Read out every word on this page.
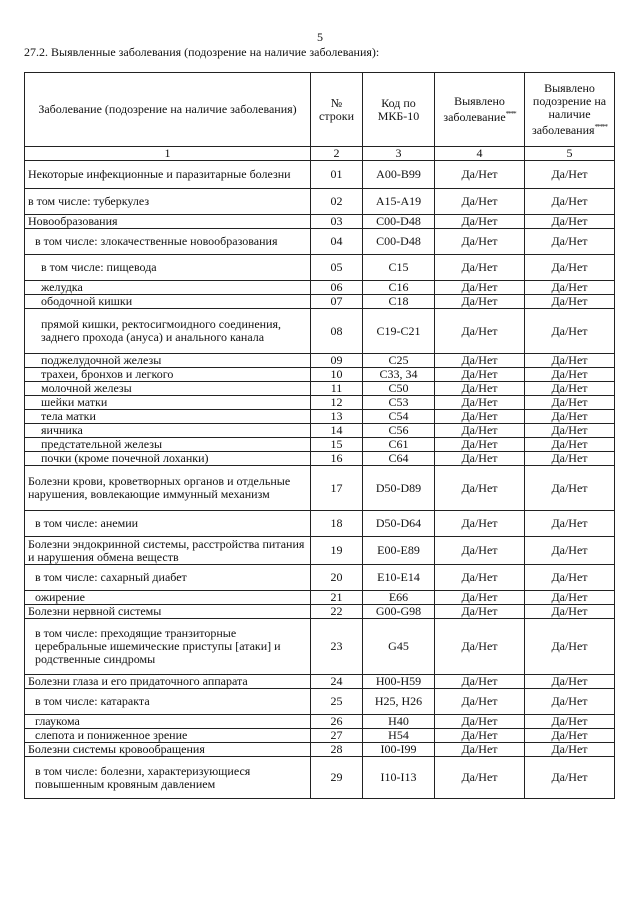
5
27.2. Выявленные заболевания (подозрение на наличие заболевания):
Заболевание (подозрение на наличие заболевания)	№ строки	Код по МКБ-10	Выявлено заболевание****	Выявлено подозрение на наличие заболевания*****
1	2	3	4	5
Некоторые инфекционные и паразитарные болезни	01	A00-B99	Да/Нет	Да/Нет
в том числе: туберкулез	02	A15-A19	Да/Нет	Да/Нет
Новообразования	03	C00-D48	Да/Нет	Да/Нет
в том числе: злокачественные новообразования	04	C00-D48	Да/Нет	Да/Нет
в том числе: пищевода	05	C15	Да/Нет	Да/Нет
желудка	06	C16	Да/Нет	Да/Нет
ободочной кишки	07	C18	Да/Нет	Да/Нет
прямой кишки, ректосигмоидного соединения, заднего прохода (ануса) и анального канала	08	C19-C21	Да/Нет	Да/Нет
поджелудочной железы	09	C25	Да/Нет	Да/Нет
трахеи, бронхов и легкого	10	C33, 34	Да/Нет	Да/Нет
молочной железы	11	C50	Да/Нет	Да/Нет
шейки матки	12	C53	Да/Нет	Да/Нет
тела матки	13	C54	Да/Нет	Да/Нет
яичника	14	C56	Да/Нет	Да/Нет
предстательной железы	15	C61	Да/Нет	Да/Нет
почки (кроме почечной лоханки)	16	C64	Да/Нет	Да/Нет
Болезни крови, кроветворных органов и отдельные нарушения, вовлекающие иммунный механизм	17	D50-D89	Да/Нет	Да/Нет
в том числе: анемии	18	D50-D64	Да/Нет	Да/Нет
Болезни эндокринной системы, расстройства питания и нарушения обмена веществ	19	E00-E89	Да/Нет	Да/Нет
в том числе: сахарный диабет	20	E10-E14	Да/Нет	Да/Нет
ожирение	21	E66	Да/Нет	Да/Нет
Болезни нервной системы	22	G00-G98	Да/Нет	Да/Нет
в том числе: преходящие транзиторные церебральные ишемические приступы [атаки] и родственные синдромы	23	G45	Да/Нет	Да/Нет
Болезни глаза и его придаточного аппарата	24	H00-H59	Да/Нет	Да/Нет
в том числе: катаракта	25	H25, H26	Да/Нет	Да/Нет
глаукома	26	H40	Да/Нет	Да/Нет
слепота и пониженное зрение	27	H54	Да/Нет	Да/Нет
Болезни системы кровообращения	28	I00-I99	Да/Нет	Да/Нет
в том числе: болезни, характеризующиеся повышенным кровяным давлением	29	I10-I13	Да/Нет	Да/Нет
